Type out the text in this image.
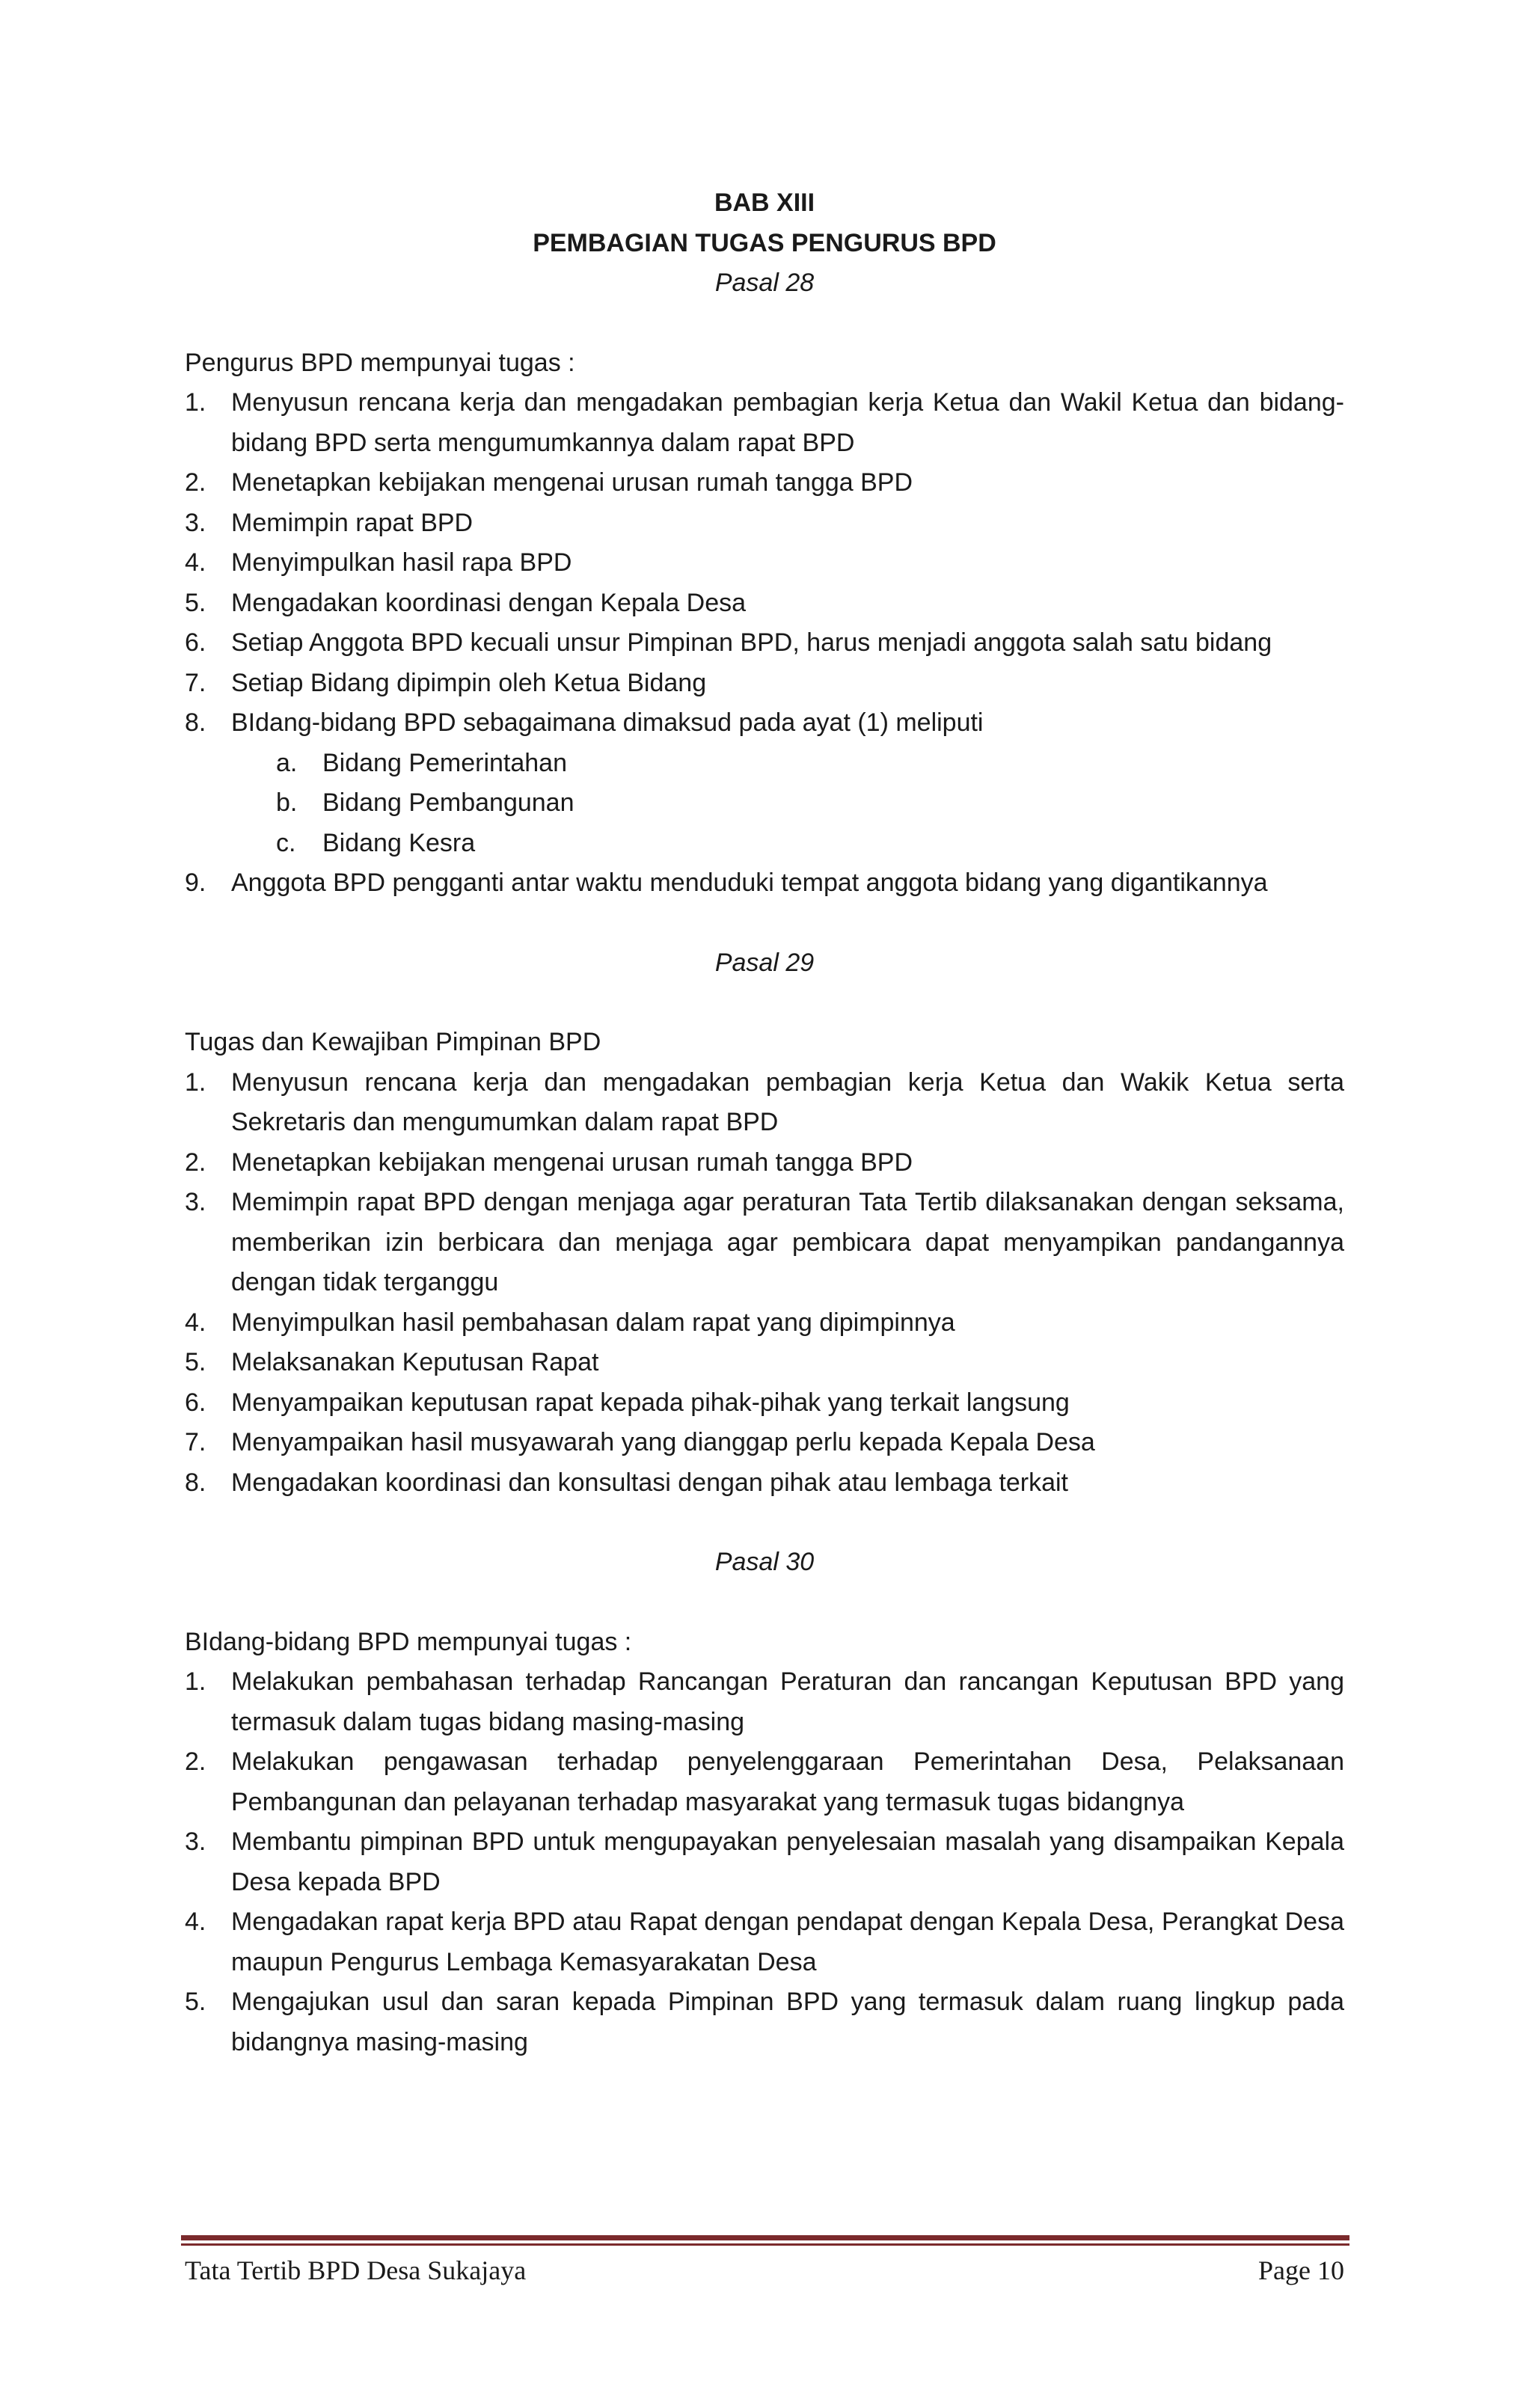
BAB XIII
PEMBAGIAN TUGAS PENGURUS BPD
Pasal 28

Pengurus BPD mempunyai tugas :

1. Menyusun rencana kerja dan mengadakan pembagian kerja Ketua dan Wakil Ketua dan bidang-bidang BPD serta mengumumkannya dalam rapat BPD
2. Menetapkan kebijakan mengenai urusan rumah tangga BPD
3. Memimpin rapat BPD
4. Menyimpulkan hasil rapa BPD
5. Mengadakan koordinasi dengan Kepala Desa
6. Setiap Anggota BPD kecuali unsur Pimpinan BPD, harus menjadi anggota salah satu bidang
7. Setiap Bidang dipimpin oleh Ketua Bidang
8. BIdang-bidang BPD sebagaimana dimaksud pada ayat (1) meliputi
a. Bidang Pemerintahan
b. Bidang Pembangunan
c.	Bidang Kesra
9. Anggota BPD pengganti antar waktu menduduki tempat anggota bidang yang digantikannya
Pasal 29

Tugas dan Kewajiban Pimpinan BPD

1. Menyusun rencana kerja dan mengadakan pembagian kerja Ketua dan Wakik Ketua serta Sekretaris dan mengumumkan dalam rapat BPD
2. Menetapkan kebijakan mengenai urusan rumah tangga BPD
3. Memimpin rapat BPD dengan menjaga agar peraturan Tata Tertib dilaksanakan dengan seksama, memberikan izin berbicara dan menjaga agar pembicara dapat menyampikan pandangannya dengan tidak terganggu
4. Menyimpulkan hasil pembahasan dalam rapat yang dipimpinnya
5. Melaksanakan Keputusan Rapat
6. Menyampaikan keputusan rapat kepada pihak-pihak yang terkait langsung
7. Menyampaikan hasil musyawarah yang dianggap perlu kepada Kepala Desa
8. Mengadakan koordinasi dan konsultasi dengan pihak atau lembaga terkait
Pasal 30

BIdang-bidang BPD mempunyai tugas :

1. Melakukan pembahasan terhadap Rancangan Peraturan dan rancangan Keputusan BPD yang termasuk dalam tugas bidang masing-masing
2. Melakukan pengawasan terhadap penyelenggaraan Pemerintahan Desa, Pelaksanaan Pembangunan dan pelayanan terhadap masyarakat yang termasuk tugas bidangnya
3. Membantu pimpinan BPD untuk mengupayakan penyelesaian masalah yang disampaikan Kepala Desa kepada BPD
4. Mengadakan rapat kerja BPD atau Rapat dengan pendapat dengan Kepala Desa, Perangkat Desa maupun Pengurus Lembaga Kemasyarakatan Desa
5. Mengajukan usul dan saran kepada Pimpinan BPD yang termasuk dalam ruang lingkup pada bidangnya masing-masing
Tata Tertib BPD Desa Sukajaya	Page 10
